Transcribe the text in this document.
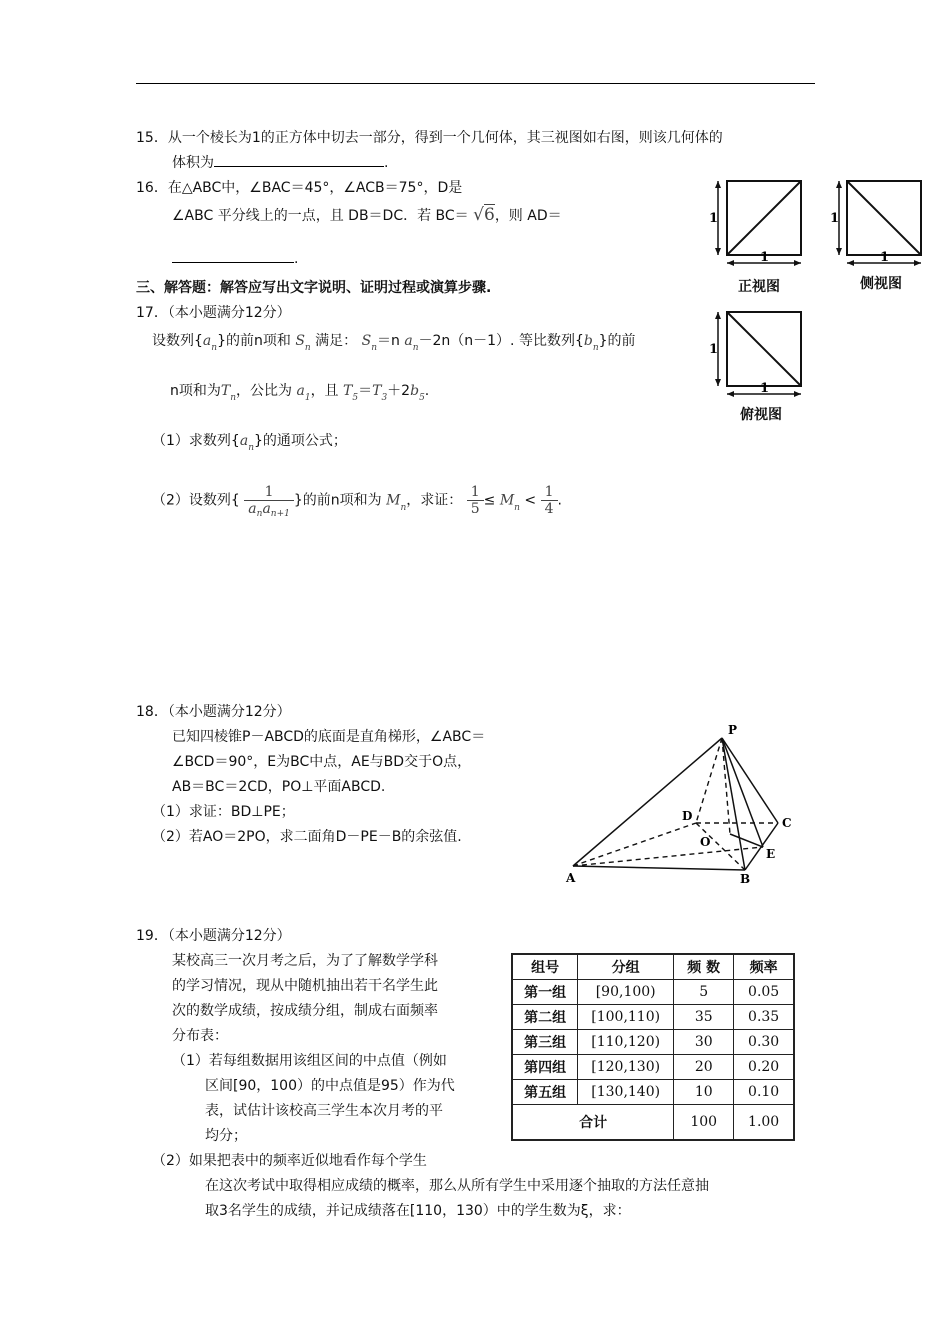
15．从一个棱长为1的正方体中切去一部分，得到一个几何体，其三视图如右图，则该几何体的
体积为	.
16．在△ABC中，∠BAC＝45°，∠ACB＝75°，D是
∠ABC 平分线上的一点，且 DB＝DC．若 BC＝ √6，则 AD＝
.
1
1
1
1
1
1
正视图	侧视图
俯视图
三、解答题：解答应写出文字说明、证明过程或演算步骤.
17．（本小题满分12分）
设数列$\{a_n\}$的前n项和 $S_n$ 满足： $S_n=n$ $a_n-2n(n-1)$. 等比数列$\{b_n\}$的前
n项和为$T_n$，公比为 $a_1$，且 $T_5=T_3+2b_5$.
（1）求数列$\{a_n\}$的通项公式；
（2）设数列{ $\frac{1}{a_na_{n+1}}$ }的前n项和为 $M_n$，求证： $\frac{1}{5} \le M_n < \frac{1}{4}$ .
18．（本小题满分12分）
已知四棱锥P－ABCD的底面是直角梯形，∠ABC＝
∠BCD＝90°，E为BC中点，AE与BD交于O点，
AB＝BC＝2CD，PO⊥平面ABCD.
（1）求证：BD⊥PE；
（2）若AO＝2PO，求二面角D－PE－B的余弦值.
P
A	B
C
D
E
O
19．（本小题满分12分）
某校高三一次月考之后，为了了解数学学科
的学习情况，现从中随机抽出若干名学生此
次的数学成绩，按成绩分组，制成右面频率
分布表：
（1）若每组数据用该组区间的中点值（例如
区间[90，100）的中点值是95）作为代
表，试估计该校高三学生本次月考的平
均分；
（2）如果把表中的频率近似地看作每个学生
在这次考试中取得相应成绩的概率，那么从所有学生中采用逐个抽取的方法任意抽
取3名学生的成绩，并记成绩落在[110，130）中的学生数为ξ，求：
组号	分组	频 数	频率
第一组	[90,100)	5	0.05
第二组	[100,110)	35	0.35
第三组	[110,120)	30	0.30
第四组	[120,130)	20	0.20
第五组	[130,140)	10	0.10
合计		100	1.00
